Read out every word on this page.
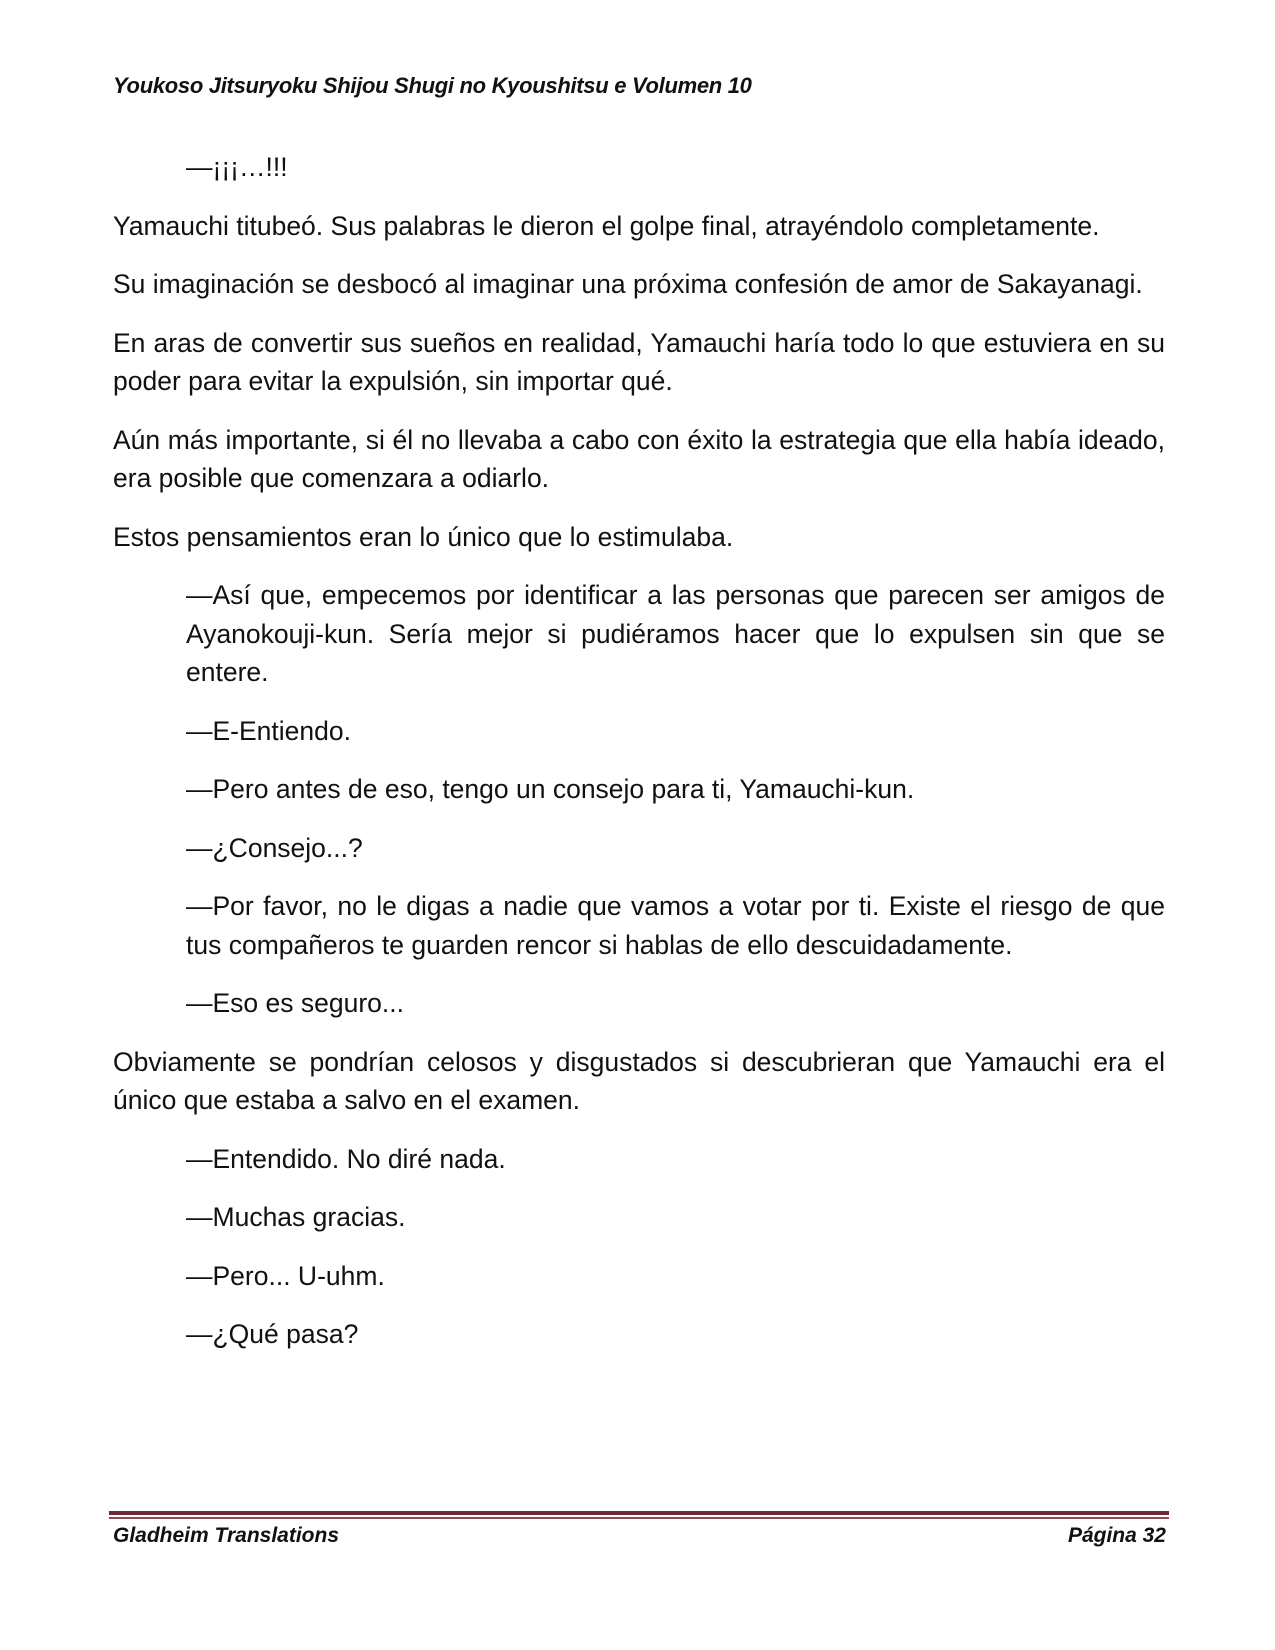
Youkoso Jitsuryoku Shijou Shugi no Kyoushitsu e Volumen 10

—¡¡¡…!!!

Yamauchi titubeó. Sus palabras le dieron el golpe final, atrayéndolo completamente.

Su imaginación se desbocó al imaginar una próxima confesión de amor de Sakayanagi.

En aras de convertir sus sueños en realidad, Yamauchi haría todo lo que estuviera en su poder para evitar la expulsión, sin importar qué.

Aún más importante, si él no llevaba a cabo con éxito la estrategia que ella había ideado, era posible que comenzara a odiarlo.

Estos pensamientos eran lo único que lo estimulaba.

—Así que, empecemos por identificar a las personas que parecen ser amigos de Ayanokouji-kun. Sería mejor si pudiéramos hacer que lo expulsen sin que se entere.

—E-Entiendo.

—Pero antes de eso, tengo un consejo para ti, Yamauchi-kun.

—¿Consejo...?

—Por favor, no le digas a nadie que vamos a votar por ti. Existe el riesgo de que tus compañeros te guarden rencor si hablas de ello descuidadamente.

—Eso es seguro...

Obviamente se pondrían celosos y disgustados si descubrieran que Yamauchi era el único que estaba a salvo en el examen.

—Entendido. No diré nada.

—Muchas gracias.

—Pero... U-uhm.

—¿Qué pasa?

Gladheim Translations	Página 32
